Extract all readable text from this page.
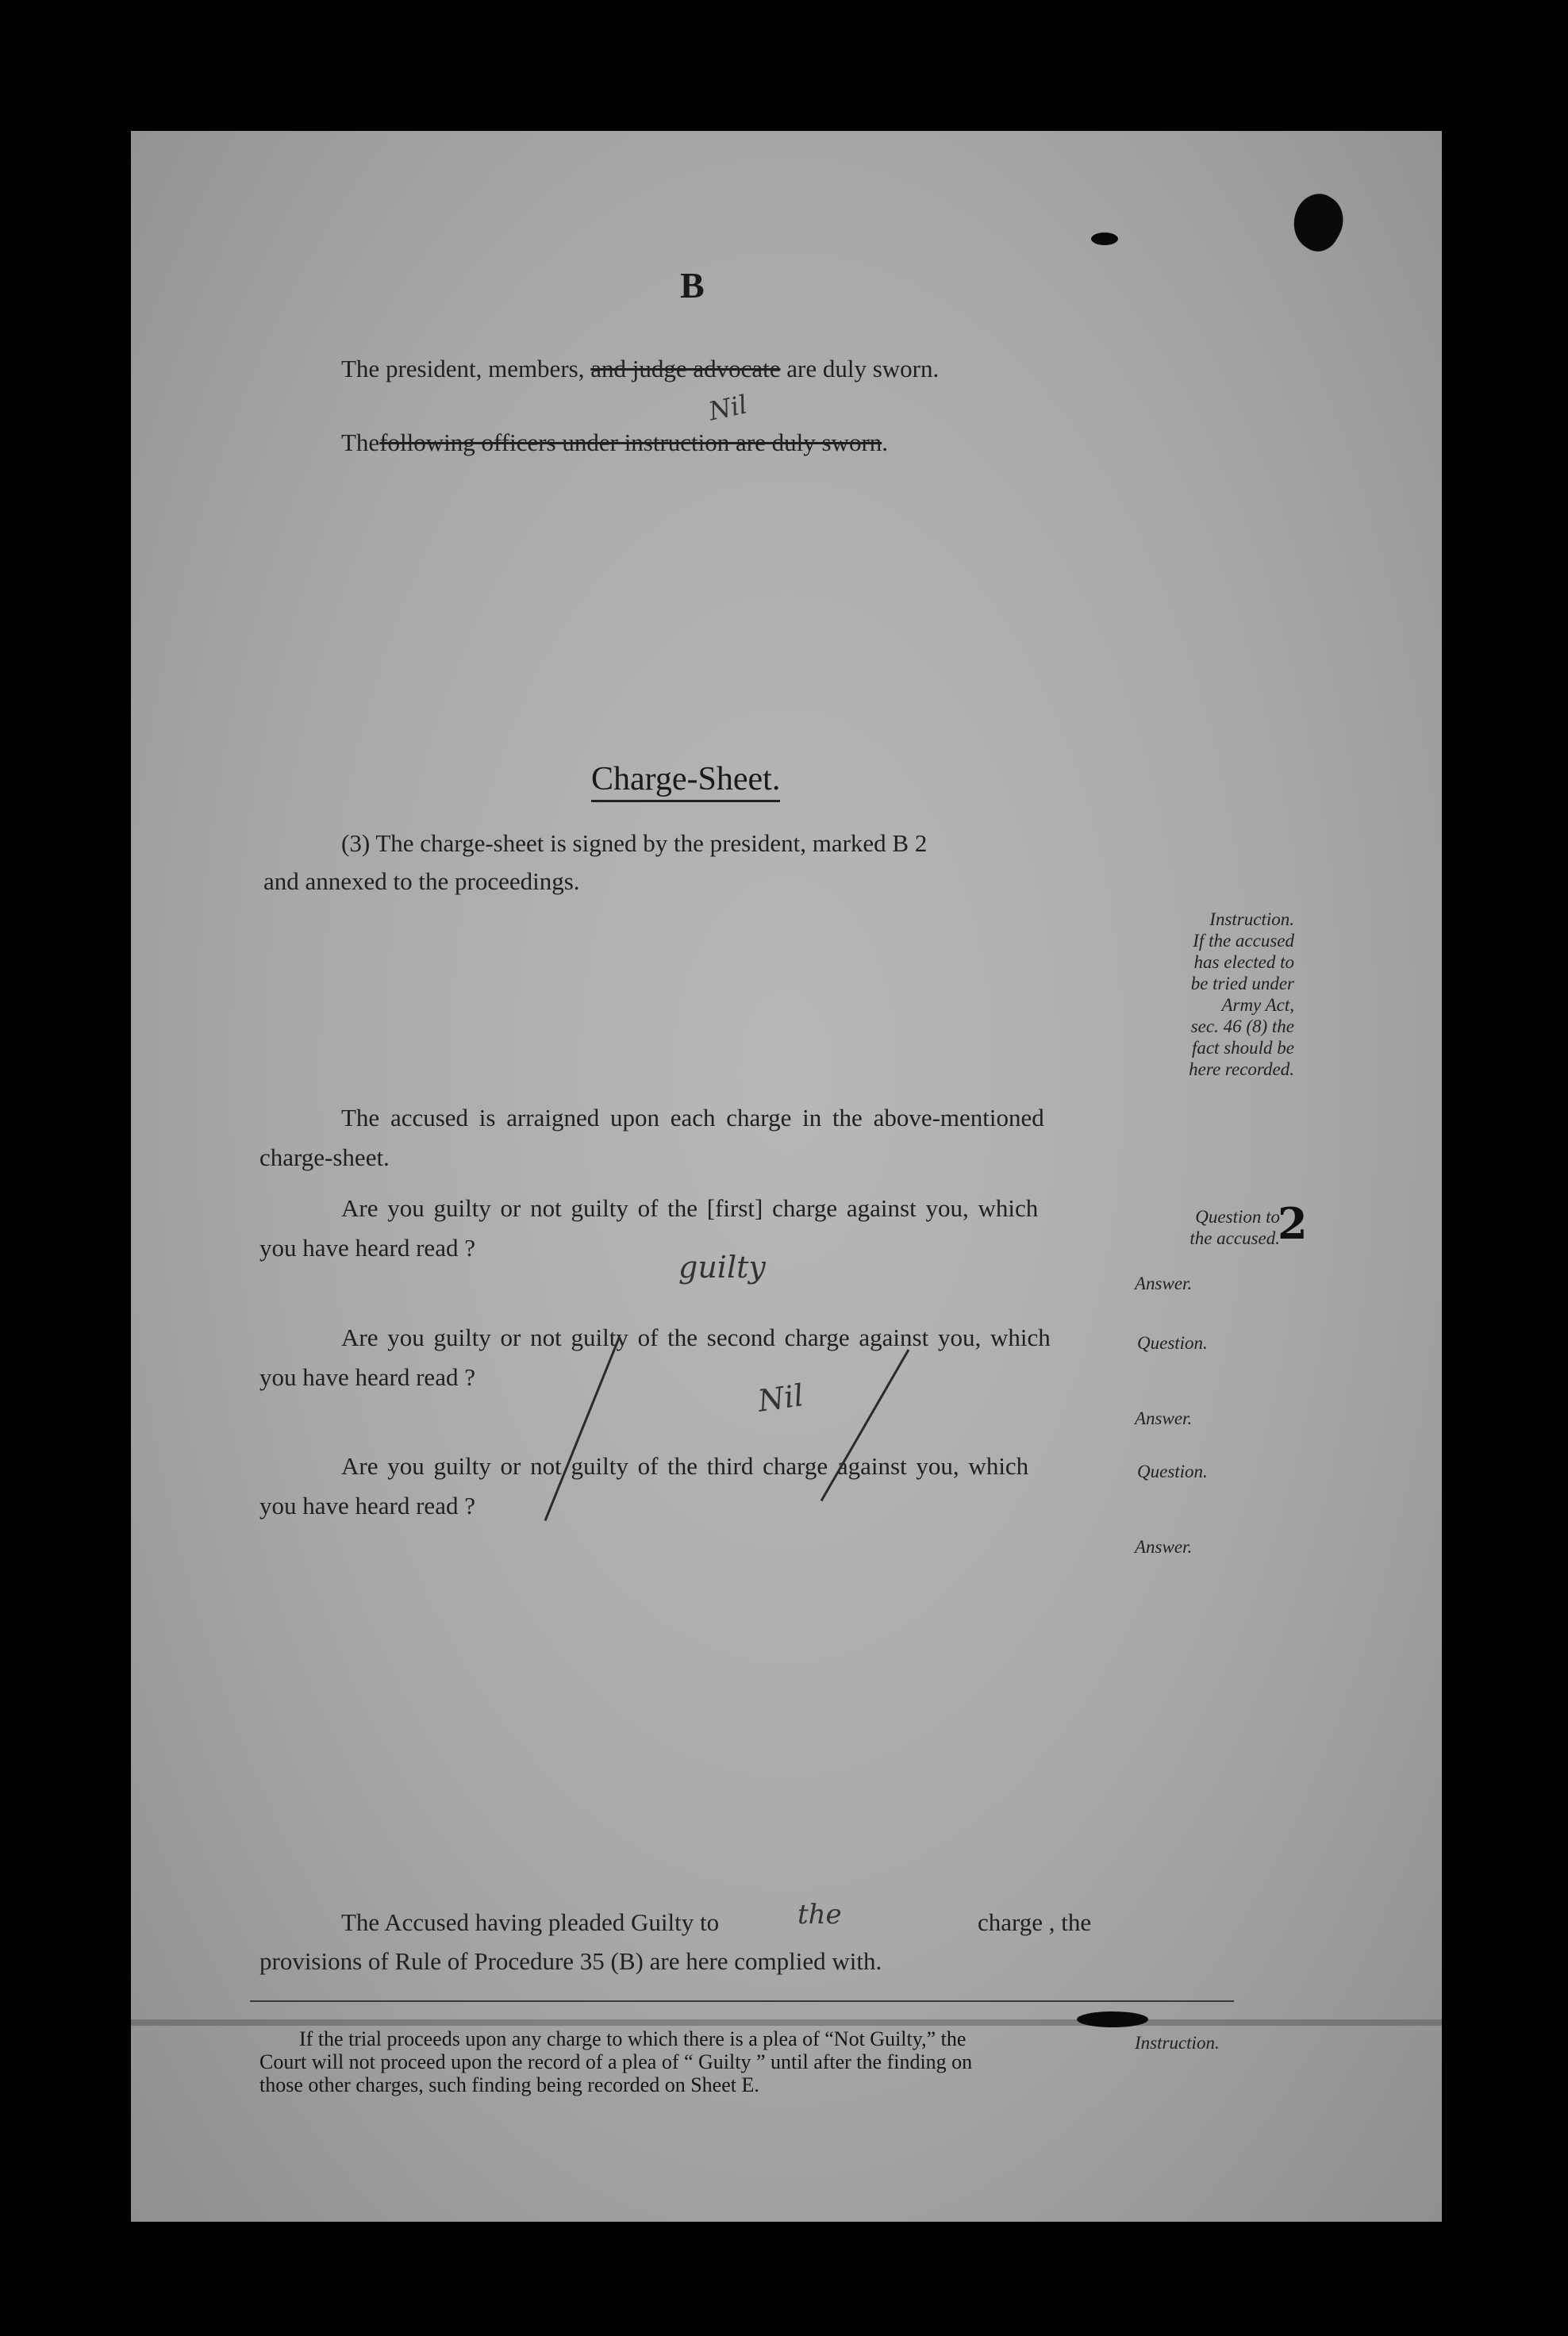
B
The president, members, and judge advocate are duly sworn.
Nil
Thefollowing officers under instruction are duly sworn.
Charge-Sheet.
(3) The charge-sheet is signed by the president, marked B 2
and annexed to the proceedings.
Instruction.
If the accused
has elected to
be tried under
Army Act,
sec. 46 (8) the
fact should be
here recorded.
The accused is arraigned upon each charge in the above-mentioned
charge-sheet.
Are you guilty or not guilty of the [first] charge against you, which
you have heard read ?
Question to
the accused.
2
guilty	Answer.
Are you guilty or not guilty of the second charge against you, which
you have heard read ?
Question.
Nil	Answer.
Are you guilty or not guilty of the third charge against you, which
you have heard read ?
Question.
Answer.
The Accused having pleaded Guilty to	the	charge , the
provisions of Rule of Procedure 35 (B) are here complied with.
If the trial proceeds upon any charge to which there is a plea of “Not Guilty,” the
Court will not proceed upon the record of a plea of “ Guilty ” until after the finding on
those other charges, such finding being recorded on Sheet E.
Instruction.
